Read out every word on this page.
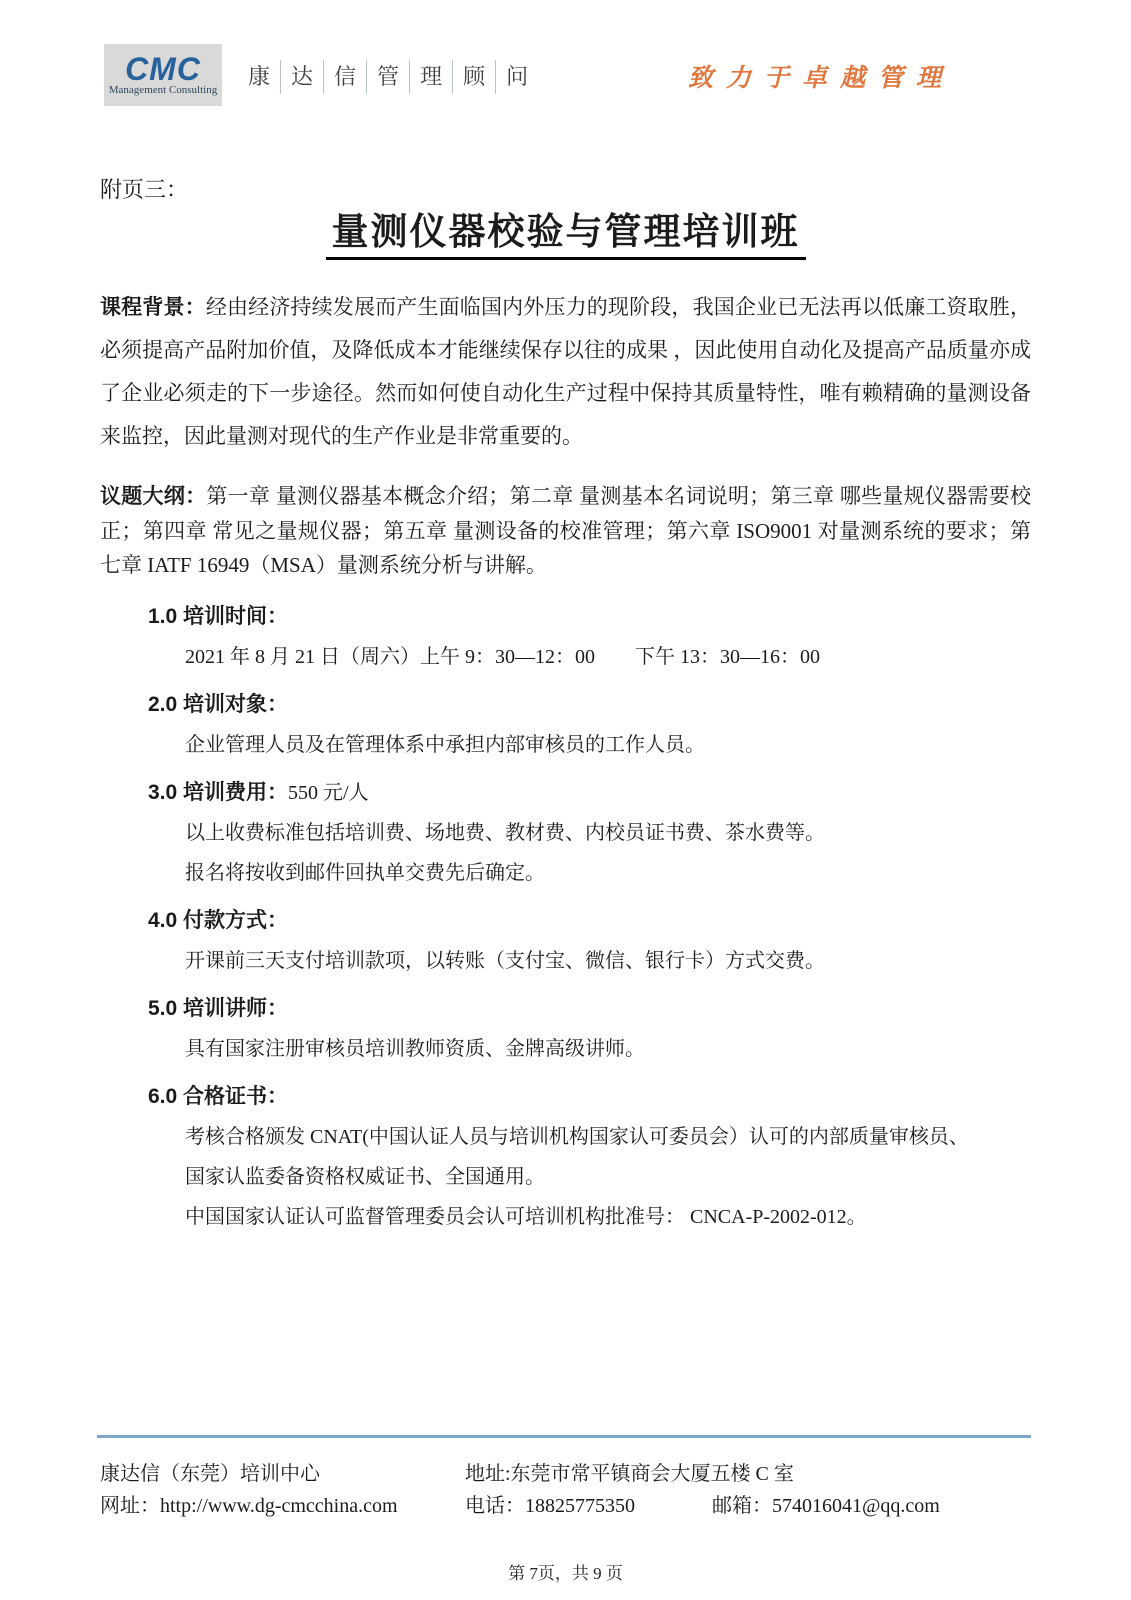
CMC
Management Consulting
康 达 信 管 理 顾 问	致力于卓越管理
附页三：
量测仪器校验与管理培训班

课程背景：经由经济持续发展而产生面临国内外压力的现阶段，我国企业已无法再以低廉工资取胜，必须提高产品附加价值，及降低成本才能继续保存以往的成果 ，因此使用自动化及提高产品质量亦成了企业必须走的下一步途径。然而如何使自动化生产过程中保持其质量特性，唯有赖精确的量测设备来监控，因此量测对现代的生产作业是非常重要的。

议题大纲：第一章 量测仪器基本概念介绍；第二章 量测基本名词说明；第三章 哪些量规仪器需要校正；第四章 常见之量规仪器；第五章 量测设备的校准管理；第六章 ISO9001 对量测系统的要求；第七章 IATF 16949（MSA）量测系统分析与讲解。

1.0 培训时间：
2021 年 8 月 21 日（周六）上午 9：30—12：00　　下午 13：30—16：00
2.0 培训对象：
企业管理人员及在管理体系中承担内部审核员的工作人员。
3.0 培训费用：550 元/人
以上收费标准包括培训费、场地费、教材费、内校员证书费、茶水费等。
报名将按收到邮件回执单交费先后确定。
4.0 付款方式：
开课前三天支付培训款项，以转账（支付宝、微信、银行卡）方式交费。
5.0 培训讲师：
具有国家注册审核员培训教师资质、金牌高级讲师。
6.0 合格证书：
考核合格颁发 CNAT(中国认证人员与培训机构国家认可委员会）认可的内部质量审核员、
国家认监委备资格权威证书、全国通用。
中国国家认证认可监督管理委员会认可培训机构批准号： CNCA-P-2002-012。
康达信（东莞）培训中心
网址：http://www.dg-cmcchina.com
地址:东莞市常平镇商会大厦五楼 C 室
电话：18825775350	邮箱：574016041@qq.com
第 7页，共 9 页
